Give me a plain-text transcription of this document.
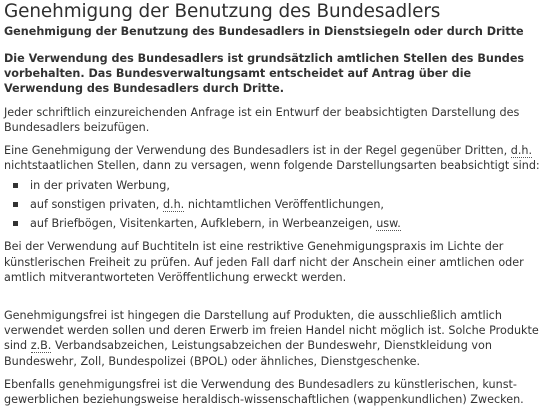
Genehmigung der Benutzung des Bundesadlers
Genehmigung der Benutzung des Bundesadlers in Dienstsiegeln oder durch Dritte

Die Verwendung des Bundesadlers ist grundsätzlich amtlichen Stellen des Bundes vorbehalten. Das Bundesverwaltungsamt entscheidet auf Antrag über die Verwendung des Bundesadlers durch Dritte.

Jeder schriftlich einzureichenden Anfrage ist ein Entwurf der beabsichtigten Darstellung des Bundesadlers beizufügen.

Eine Genehmigung der Verwendung des Bundesadlers ist in der Regel gegenüber Dritten, d.h. nichtstaatlichen Stellen, dann zu versagen, wenn folgende Darstellungsarten beabsichtigt sind:

in der privaten Werbung,
auf sonstigen privaten, d.h. nichtamtlichen Veröffentlichungen,
auf Briefbögen, Visitenkarten, Aufklebern, in Werbeanzeigen, usw.

Bei der Verwendung auf Buchtiteln ist eine restriktive Genehmigungspraxis im Lichte der künstlerischen Freiheit zu prüfen. Auf jeden Fall darf nicht der Anschein einer amtlichen oder amtlich mitverantworteten Veröffentlichung erweckt werden.

Genehmigungsfrei ist hingegen die Darstellung auf Produkten, die ausschließlich amtlich verwendet werden sollen und deren Erwerb im freien Handel nicht möglich ist. Solche Produkte sind z.B. Verbandsabzeichen, Leistungsabzeichen der Bundeswehr, Dienstkleidung von Bundeswehr, Zoll, Bundespolizei (BPOL) oder ähnliches, Dienstgeschenke.

Ebenfalls genehmigungsfrei ist die Verwendung des Bundesadlers zu künstlerischen, kunst-gewerblichen beziehungsweise heraldisch-wissenschaftlichen (wappenkundlichen) Zwecken.
